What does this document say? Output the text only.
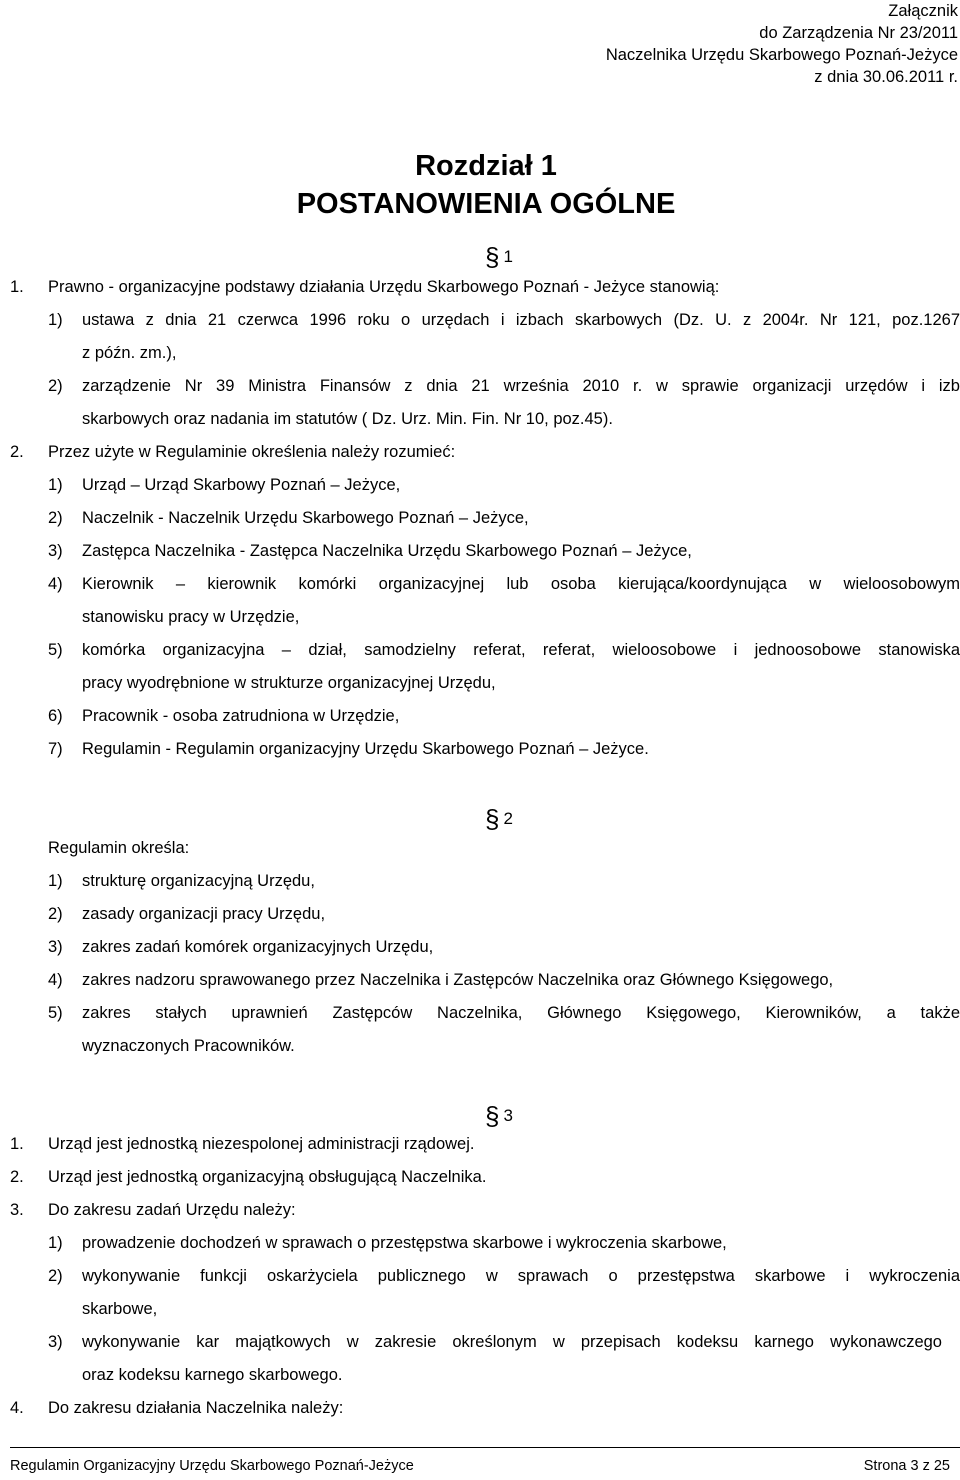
Załącznik
do Zarządzenia Nr 23/2011
Naczelnika Urzędu Skarbowego Poznań-Jeżyce
z dnia 30.06.2011 r.
Rozdział 1
POSTANOWIENIA OGÓLNE
§ 1
1. Prawno - organizacyjne podstawy działania Urzędu Skarbowego Poznań - Jeżyce stanowią:
1) ustawa z dnia 21 czerwca 1996 roku o urzędach i izbach skarbowych (Dz. U. z 2004r. Nr 121, poz.1267
z późn. zm.),
2) zarządzenie Nr 39 Ministra Finansów z dnia 21 września 2010 r. w sprawie organizacji urzędów i izb
skarbowych oraz nadania im statutów ( Dz. Urz. Min. Fin. Nr 10, poz.45).
2. Przez użyte w Regulaminie określenia należy rozumieć:
1) Urząd – Urząd Skarbowy Poznań – Jeżyce,
2) Naczelnik - Naczelnik Urzędu Skarbowego Poznań – Jeżyce,
3) Zastępca Naczelnika - Zastępca Naczelnika Urzędu Skarbowego Poznań – Jeżyce,
4) Kierownik – kierownik komórki organizacyjnej lub osoba kierująca/koordynująca w wieloosobowym
stanowisku pracy w Urzędzie,
5) komórka organizacyjna – dział, samodzielny referat, referat, wieloosobowe i jednoosobowe stanowiska
pracy wyodrębnione w strukturze organizacyjnej Urzędu,
6) Pracownik - osoba zatrudniona w Urzędzie,
7) Regulamin - Regulamin organizacyjny Urzędu Skarbowego Poznań – Jeżyce.
§ 2
Regulamin określa:
1) strukturę organizacyjną Urzędu,
2) zasady organizacji pracy Urzędu,
3) zakres zadań komórek organizacyjnych Urzędu,
4) zakres nadzoru sprawowanego przez Naczelnika i Zastępców Naczelnika oraz Głównego Księgowego,
5) zakres stałych uprawnień Zastępców Naczelnika, Głównego Księgowego, Kierowników, a także
wyznaczonych Pracowników.
§ 3
1. Urząd jest jednostką niezespolonej administracji rządowej.
2. Urząd jest jednostką organizacyjną obsługującą Naczelnika.
3. Do zakresu zadań Urzędu należy:
1) prowadzenie dochodzeń w sprawach o przestępstwa skarbowe i wykroczenia skarbowe,
2) wykonywanie funkcji oskarżyciela publicznego w sprawach o przestępstwa skarbowe i wykroczenia
skarbowe,
3) wykonywanie kar majątkowych w zakresie określonym w przepisach kodeksu karnego wykonawczego
oraz kodeksu karnego skarbowego.
4. Do zakresu działania Naczelnika należy:
Regulamin Organizacyjny Urzędu Skarbowego Poznań-Jeżyce	Strona 3 z 25
